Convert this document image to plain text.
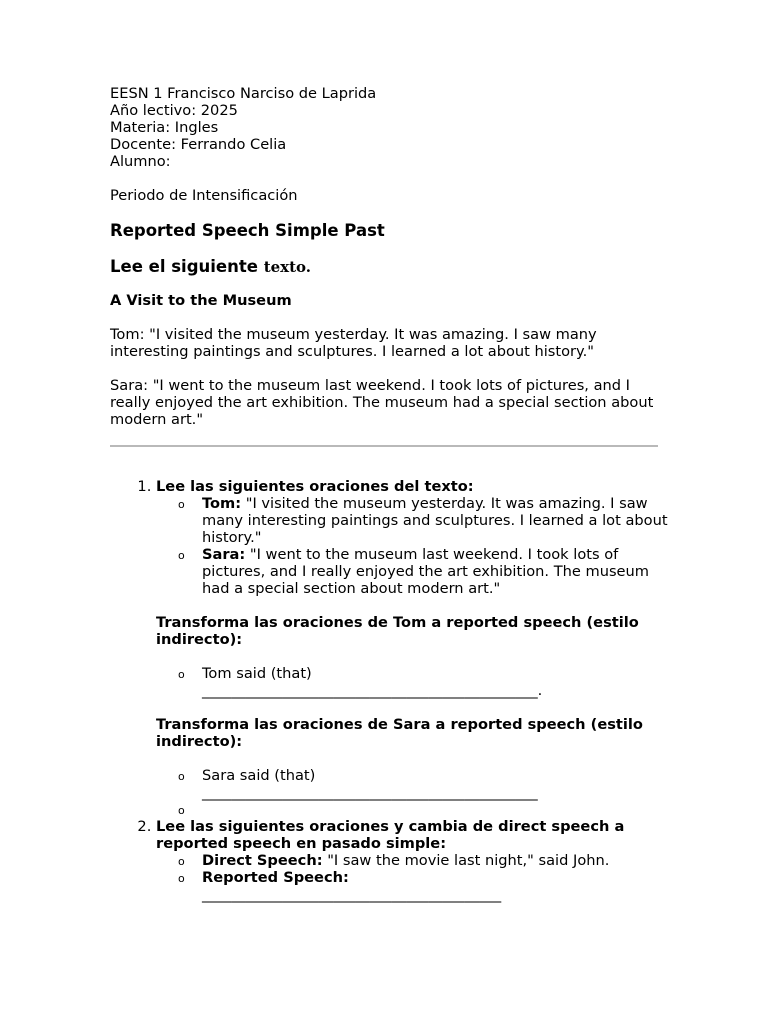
EESN 1 Francisco Narciso de Laprida
Año lectivo: 2025
Materia: Ingles
Docente: Ferrando Celia
Alumno:
Periodo de Intensificación
Reported Speech Simple Past
Lee el siguiente texto.
A Visit to the Museum
Tom: "I visited the museum yesterday. It was amazing. I saw many interesting paintings and sculptures. I learned a lot about history."
Sara: "I went to the museum last weekend. I took lots of pictures, and I really enjoyed the art exhibition. The museum had a special section about modern art."
1. Lee las siguientes oraciones del texto:
o Tom: "I visited the museum yesterday. It was amazing. I saw many interesting paintings and sculptures. I learned a lot about history."
o Sara: "I went to the museum last weekend. I took lots of pictures, and I really enjoyed the art exhibition. The museum had a special section about modern art."
Transforma las oraciones de Tom a reported speech (estilo indirecto):
o Tom said (that)
______________________________________________.
Transforma las oraciones de Sara a reported speech (estilo indirecto):
o Sara said (that)
______________________________________________
o

2. Lee las siguientes oraciones y cambia de direct speech a reported speech en pasado simple:
o Direct Speech: "I saw the movie last night," said John.
o Reported Speech:
_________________________________________
